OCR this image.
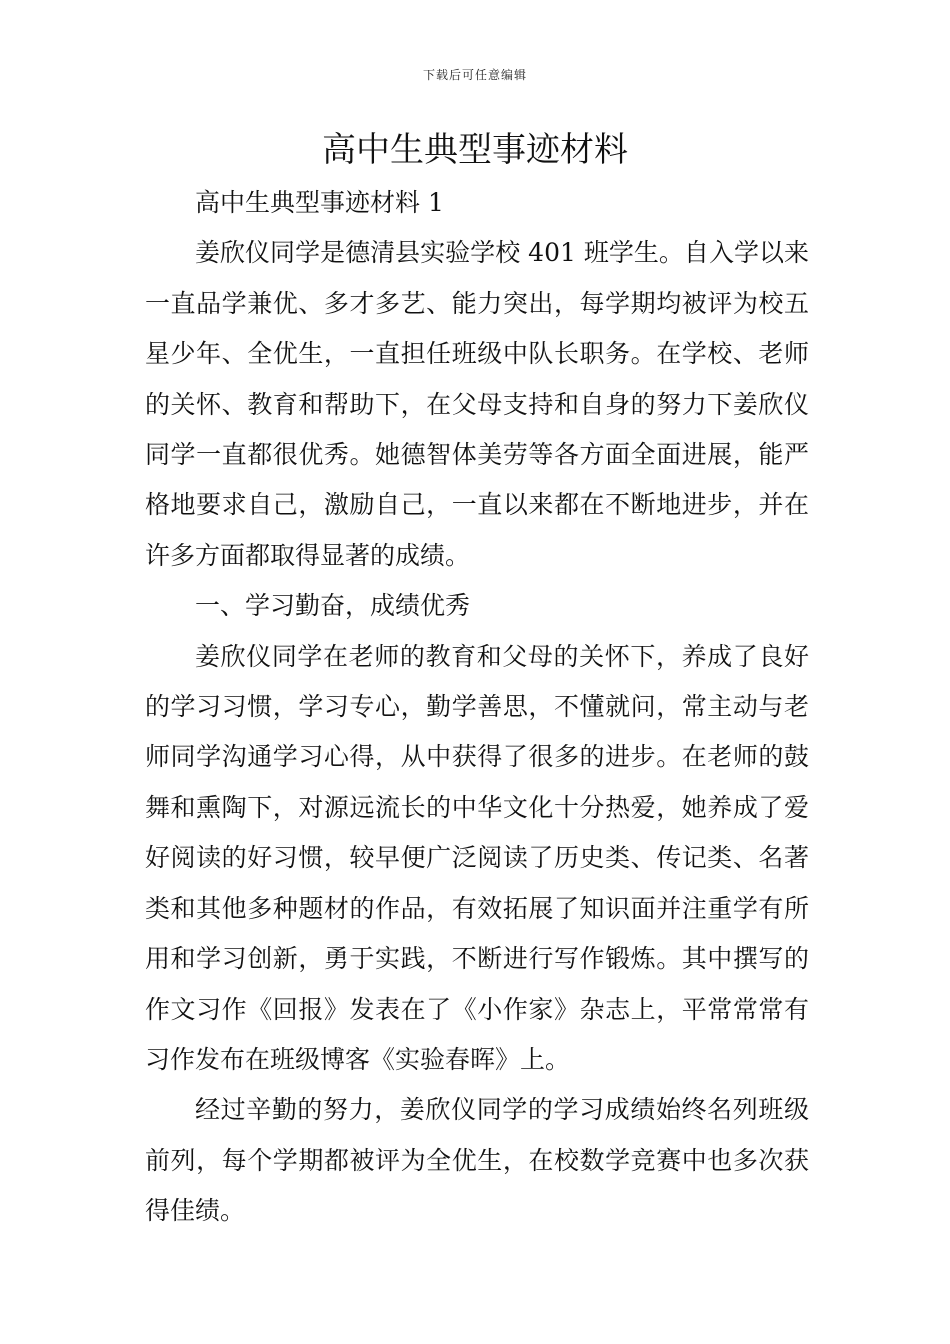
下载后可任意编辑
高中生典型事迹材料

高中生典型事迹材料 1

姜欣仪同学是德清县实验学校 401 班学生。自入学以来一直品学兼优、多才多艺、能力突出，每学期均被评为校五星少年、全优生，一直担任班级中队长职务。在学校、老师的关怀、教育和帮助下，在父母支持和自身的努力下姜欣仪同学一直都很优秀。她德智体美劳等各方面全面进展，能严格地要求自己，激励自己，一直以来都在不断地进步，并在许多方面都取得显著的成绩。

一、学习勤奋，成绩优秀

姜欣仪同学在老师的教育和父母的关怀下，养成了良好的学习习惯，学习专心，勤学善思，不懂就问，常主动与老师同学沟通学习心得，从中获得了很多的进步。在老师的鼓舞和熏陶下，对源远流长的中华文化十分热爱，她养成了爱好阅读的好习惯，较早便广泛阅读了历史类、传记类、名著类和其他多种题材的作品，有效拓展了知识面并注重学有所用和学习创新，勇于实践，不断进行写作锻炼。其中撰写的作文习作《回报》发表在了《小作家》杂志上，平常常常有习作发布在班级博客《实验春晖》上。

经过辛勤的努力，姜欣仪同学的学习成绩始终名列班级前列，每个学期都被评为全优生，在校数学竞赛中也多次获得佳绩。
